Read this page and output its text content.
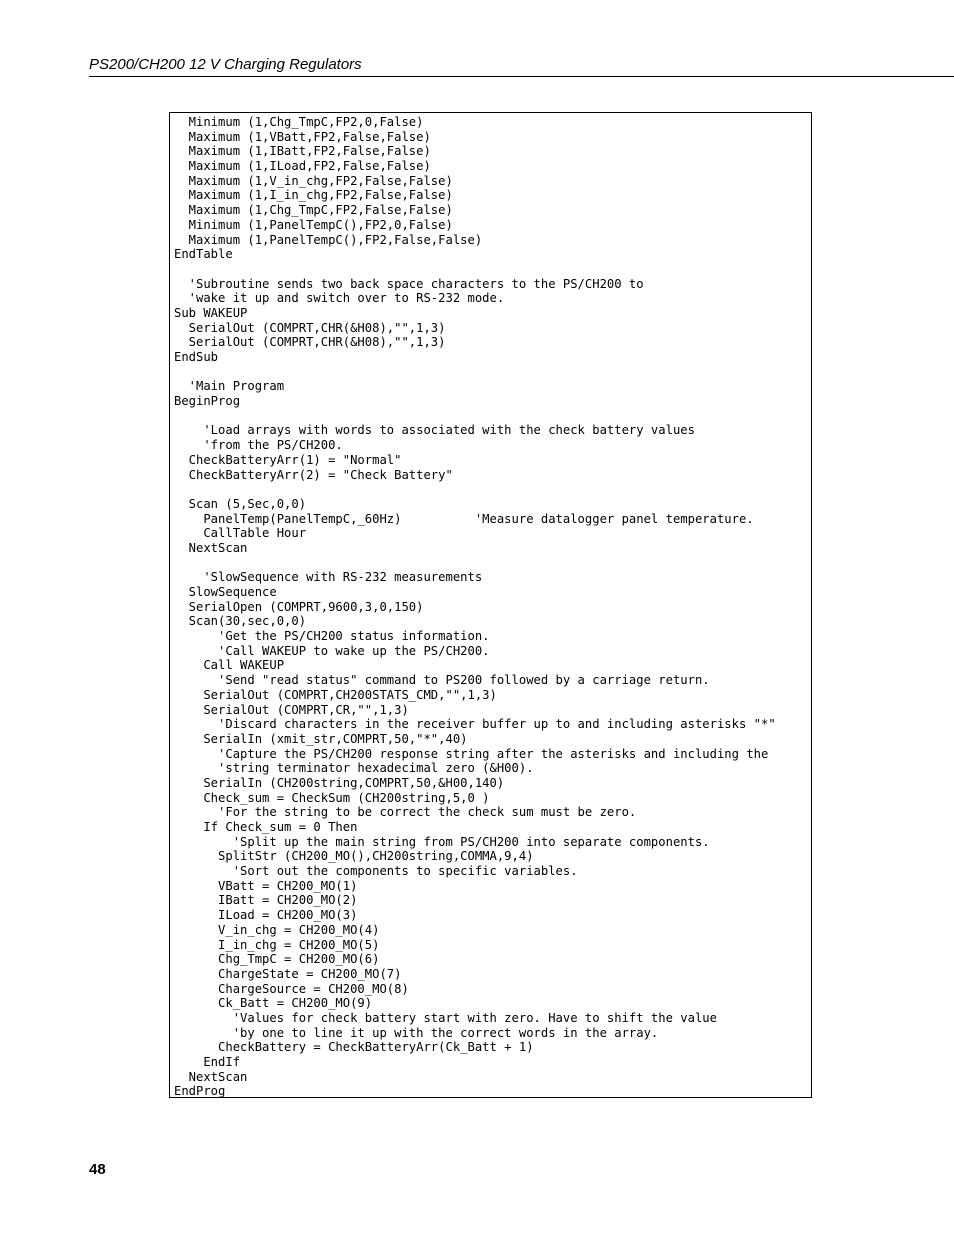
PS200/CH200 12 V Charging Regulators
Minimum (1,Chg_TmpC,FP2,0,False)
Maximum (1,VBatt,FP2,False,False)
Maximum (1,IBatt,FP2,False,False)
Maximum (1,ILoad,FP2,False,False)
Maximum (1,V_in_chg,FP2,False,False)
Maximum (1,I_in_chg,FP2,False,False)
Maximum (1,Chg_TmpC,FP2,False,False)
Minimum (1,PanelTempC(),FP2,0,False)
Maximum (1,PanelTempC(),FP2,False,False)
EndTable
'Subroutine sends two back space characters to the PS/CH200 to
'wake it up and switch over to RS-232 mode.
Sub WAKEUP
SerialOut (COMPRT,CHR(&H08),"",1,3)
SerialOut (COMPRT,CHR(&H08),"",1,3)
EndSub
'Main Program
BeginProg
'Load arrays with words to associated with the check battery values
'from the PS/CH200.
CheckBatteryArr(1) = "Normal"
CheckBatteryArr(2) = "Check Battery"
Scan (5,Sec,0,0)
PanelTemp(PanelTempC,_60Hz)          'Measure datalogger panel temperature.
CallTable Hour
NextScan
'SlowSequence with RS-232 measurements
SlowSequence
SerialOpen (COMPRT,9600,3,0,150)
Scan(30,sec,0,0)
'Get the PS/CH200 status information.
'Call WAKEUP to wake up the PS/CH200.
Call WAKEUP
'Send "read status" command to PS200 followed by a carriage return.
SerialOut (COMPRT,CH200STATS_CMD,"",1,3)
SerialOut (COMPRT,CR,"",1,3)
'Discard characters in the receiver buffer up to and including asterisks "*"
SerialIn (xmit_str,COMPRT,50,"*",40)
'Capture the PS/CH200 response string after the asterisks and including the
'string terminator hexadecimal zero (&H00).
SerialIn (CH200string,COMPRT,50,&H00,140)
Check_sum = CheckSum (CH200string,5,0 )
'For the string to be correct the check sum must be zero.
If Check_sum = 0 Then
'Split up the main string from PS/CH200 into separate components.
SplitStr (CH200_MO(),CH200string,COMMA,9,4)
'Sort out the components to specific variables.
VBatt = CH200_MO(1)
IBatt = CH200_MO(2)
ILoad = CH200_MO(3)
V_in_chg = CH200_MO(4)
I_in_chg = CH200_MO(5)
Chg_TmpC = CH200_MO(6)
ChargeState = CH200_MO(7)
ChargeSource = CH200_MO(8)
Ck_Batt = CH200_MO(9)
'Values for check battery start with zero. Have to shift the value
'by one to line it up with the correct words in the array.
CheckBattery = CheckBatteryArr(Ck_Batt + 1)
EndIf
NextScan
EndProg
48
